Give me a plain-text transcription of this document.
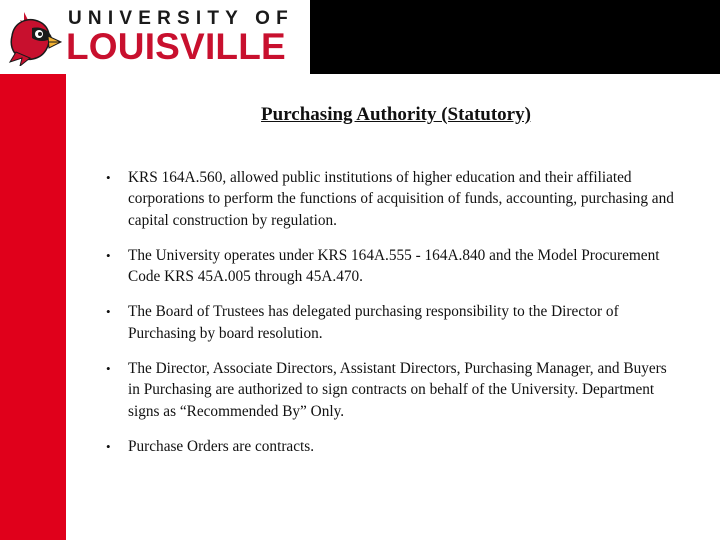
UNIVERSITY OF
LOUISVILLE
Purchasing Authority (Statutory)
• KRS 164A.560, allowed public institutions of higher education and their affiliated corporations to perform the functions of acquisition of funds, accounting, purchasing and capital construction by regulation.
• The University operates under KRS 164A.555 - 164A.840 and the Model Procurement Code KRS 45A.005 through 45A.470.
• The Board of Trustees has delegated purchasing responsibility to the Director of Purchasing by board resolution.
• The Director, Associate Directors, Assistant Directors, Purchasing Manager, and Buyers in Purchasing are authorized to sign contracts on behalf of the University. Department signs as “Recommended By” Only.
• Purchase Orders are contracts.
